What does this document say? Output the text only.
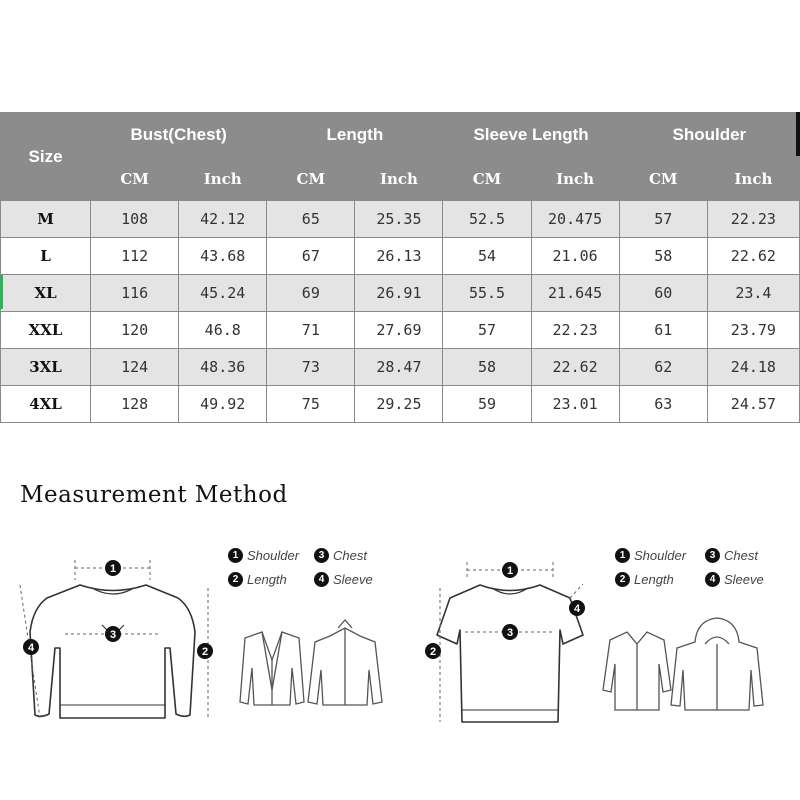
Size	Bust(Chest)		Length		Sleeve Length		Shoulder	
	CM	Inch	CM	Inch	CM	Inch	CM	Inch
M	108	42.12	65	25.35	52.5	20.475	57	22.23
L	112	43.68	67	26.13	54	21.06	58	22.62
XL	116	45.24	69	26.91	55.5	21.645	60	23.4
XXL	120	46.8	71	27.69	57	22.23	61	23.79
3XL	124	48.36	73	28.47	58	22.62	62	24.18
4XL	128	49.92	75	29.25	59	23.01	63	24.57
Measurement Method
1
3
2
4
1 Shoulder	3 Chest
2 Length	4 Sleeve
1
3
2
4
1 Shoulder	3 Chest
2 Length	4 Sleeve
